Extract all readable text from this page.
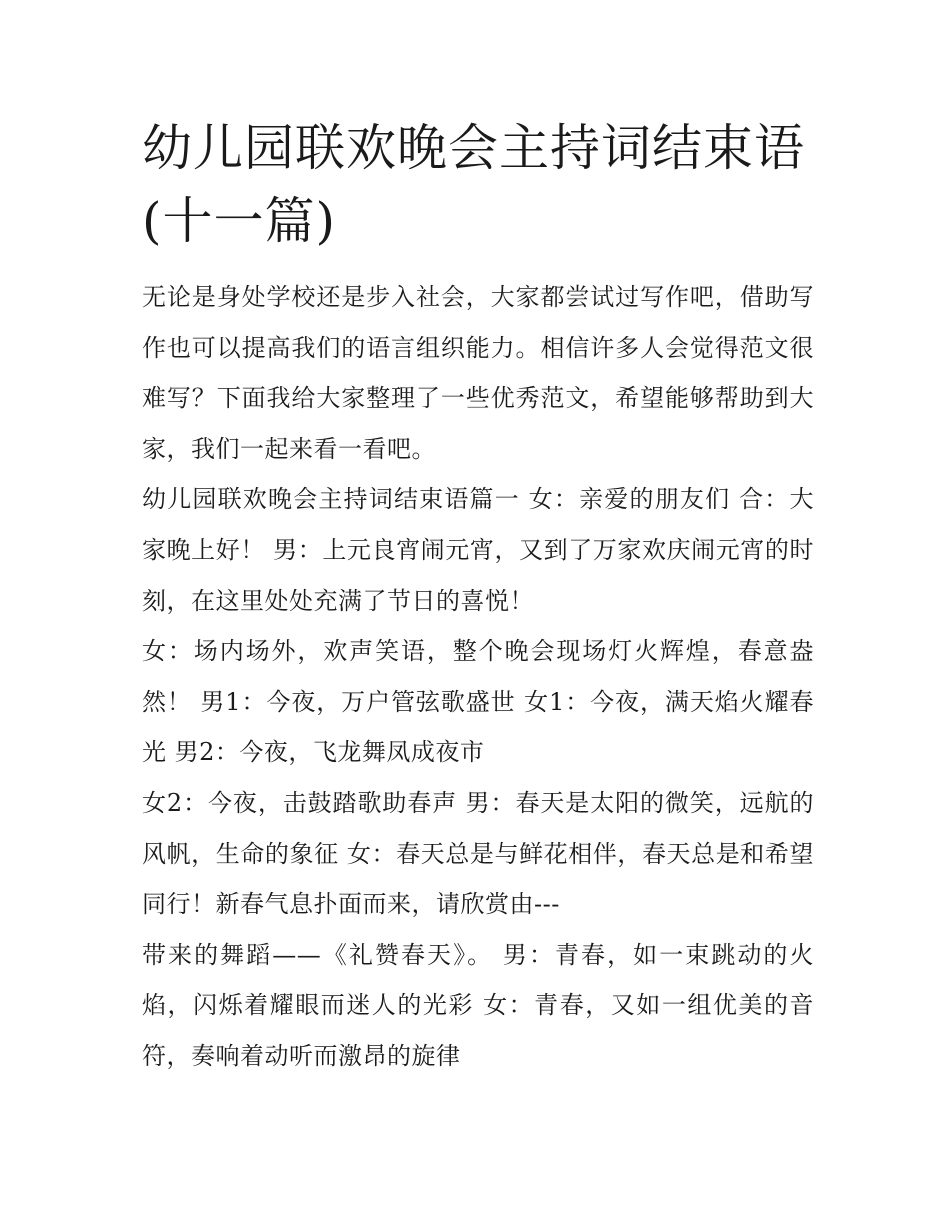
幼儿园联欢晚会主持词结束语(十一篇)

无论是身处学校还是步入社会，大家都尝试过写作吧，借助写作也可以提高我们的语言组织能力。相信许多人会觉得范文很难写？下面我给大家整理了一些优秀范文，希望能够帮助到大家，我们一起来看一看吧。

幼儿园联欢晚会主持词结束语篇一 女：亲爱的朋友们 合：大家晚上好！ 男：上元良宵闹元宵，又到了万家欢庆闹元宵的时刻，在这里处处充满了节日的喜悦！

女：场内场外，欢声笑语，整个晚会现场灯火辉煌，春意盎然！ 男1：今夜，万户管弦歌盛世 女1：今夜，满天焰火耀春光 男2：今夜，飞龙舞凤成夜市

女2：今夜，击鼓踏歌助春声 男：春天是太阳的微笑，远航的风帆，生命的象征 女：春天总是与鲜花相伴，春天总是和希望同行！新春气息扑面而来，请欣赏由---

带来的舞蹈——《礼赞春天》。 男：青春，如一束跳动的火焰，闪烁着耀眼而迷人的光彩 女：青春，又如一组优美的音符，奏响着动听而激昂的旋律
